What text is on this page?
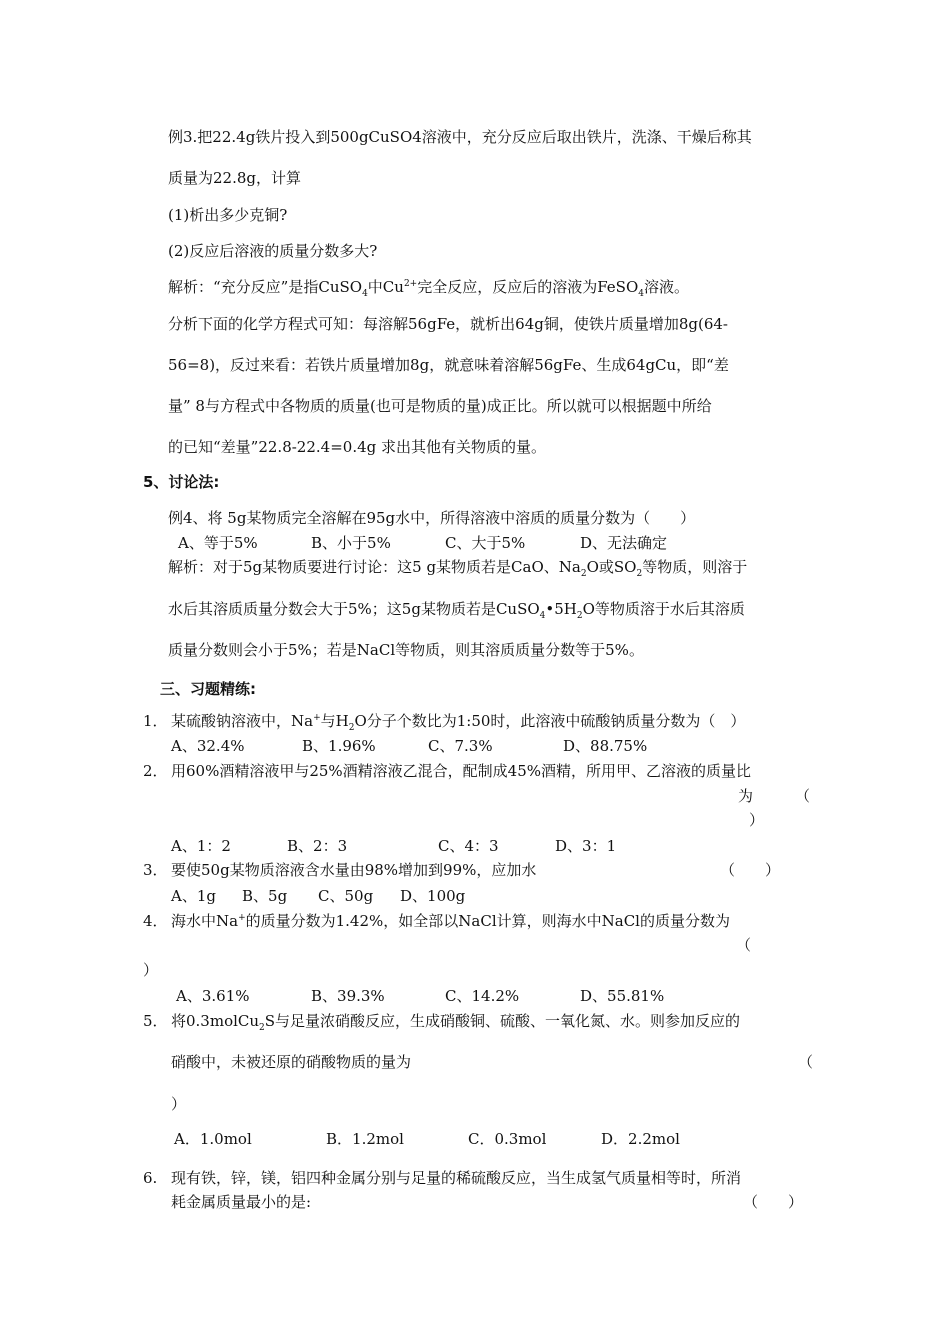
例3.把22.4g铁片投入到500gCuSO4溶液中，充分反应后取出铁片，洗涤、干燥后称其
质量为22.8g，计算
(1)析出多少克铜?
(2)反应后溶液的质量分数多大?
解析：“充分反应”是指CuSO$_4$中$Cu^{2+}$完全反应，反应后的溶液为FeSO$_4$溶液。
分析下面的化学方程式可知：每溶解56gFe，就析出64g铜，使铁片质量增加8g(64-
56=8)，反过来看：若铁片质量增加8g，就意味着溶解56gFe、生成64gCu，即“差
量” 8与方程式中各物质的质量(也可是物质的量)成正比。所以就可以根据题中所给
的已知“差量”22.8-22.4=0.4g 求出其他有关物质的量。
5、讨论法:
例4、将 5g某物质完全溶解在95g水中，所得溶液中溶质的质量分数为（　　）
A、等于5%	B、小于5%	C、大于5%	D、无法确定
解析：对于5g某物质要进行讨论：这5 g某物质若是CaO、$Na_2O$或$SO_2$等物质，则溶于
水后其溶质质量分数会大于5%；这5g某物质若是$CuSO_4•5H_2O$等物质溶于水后其溶质
质量分数则会小于5%；若是NaCl等物质，则其溶质质量分数等于5%。
三、习题精练:
1． 某硫酸钠溶液中，Na+与$H_2O$分子个数比为1:50时，此溶液中硫酸钠质量分数为（　）
A、32.4%	B、1.96%	C、7.3%	D、88.75%
2． 用60%酒精溶液甲与25%酒精溶液乙混合，配制成45%酒精，所用甲、乙溶液的质量比
为	（
）
A、1：2	B、2：3	C、4：3	D、3：1
3． 要使50g某物质溶液含水量由98%增加到99%，应加水	（　　）
A、1g B、5g C、50g D、100g
4． 海水中Na+的质量分数为1.42%，如全部以NaCl计算，则海水中NaCl的质量分数为
（
）
A、3.61%	B、39.3%	C、14.2%	D、55.81%
5． 将0.3molCu$_2$S与足量浓硝酸反应，生成硝酸铜、硫酸、一氧化氮、水。则参加反应的
硝酸中，未被还原的硝酸物质的量为	（
）
A．1.0mol	B．1.2mol	C．0.3mol	D．2.2mol
6. 现有铁，锌，镁，铝四种金属分别与足量的稀硫酸反应，当生成氢气质量相等时，所消
耗金属质量最小的是:	（　　）
